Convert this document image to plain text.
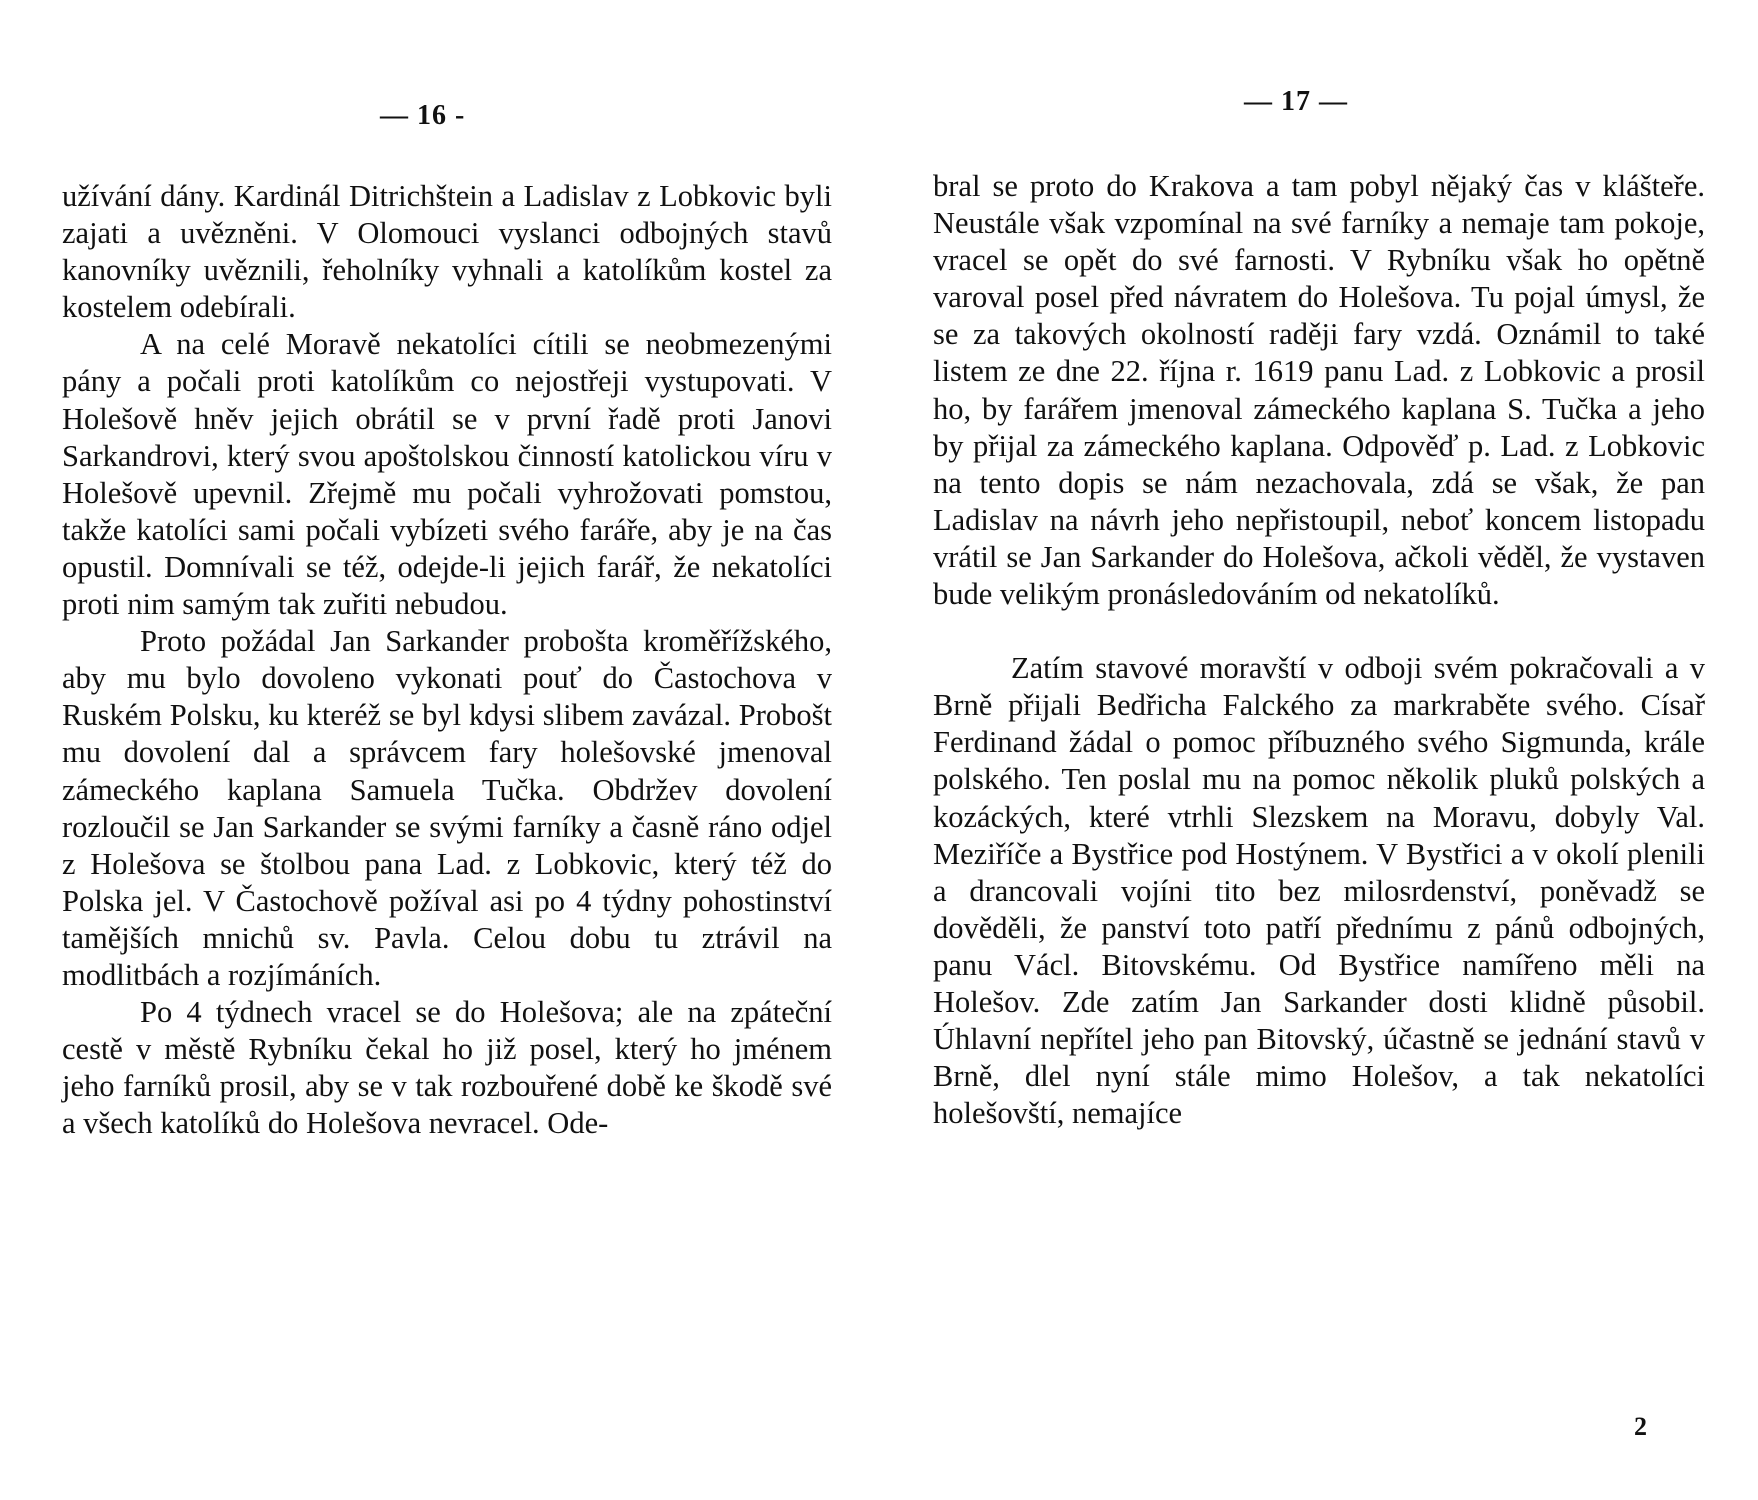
— 16 -

užívání dány. Kardinál Ditrichštein a Ladislav z Lobkovic byli zajati a uvězněni. V Olomouci vyslanci odbojných stavů kanovníky uvěznili, řeholníky vyhnali a katolíkům kostel za kostelem odebírali.

A na celé Moravě nekatolíci cítili se neobmezenými pány a počali proti katolíkům co nejostřeji vystupovati. V Holešově hněv jejich obrátil se v první řadě proti Janovi Sarkandrovi, který svou apoštolskou činností katolickou víru v Holešově upevnil. Zřejmě mu počali vyhrožovati pomstou, takže katolíci sami počali vybízeti svého faráře, aby je na čas opustil. Domnívali se též, odejde-li jejich farář, že nekatolíci proti nim samým tak zuřiti nebudou.

Proto požádal Jan Sarkander probošta kroměřížského, aby mu bylo dovoleno vykonati pouť do Častochova v Ruském Polsku, ku kteréž se byl kdysi slibem zavázal. Probošt mu dovolení dal a správcem fary holešovské jmenoval zámeckého kaplana Samuela Tučka. Obdržev dovolení rozloučil se Jan Sarkander se svými farníky a časně ráno odjel z Holešova se štolbou pana Lad. z Lobkovic, který též do Polska jel. V Častochově požíval asi po 4 týdny pohostinství tamějších mnichů sv. Pavla. Celou dobu tu ztrávil na modlitbách a rozjímáních.

Po 4 týdnech vracel se do Holešova; ale na zpáteční cestě v městě Rybníku čekal ho již posel, který ho jménem jeho farníků prosil, aby se v tak rozbouřené době ke škodě své a všech katolíků do Holešova nevracel. Ode-

— 17 —

bral se proto do Krakova a tam pobyl nějaký čas v klášteře. Neustále však vzpomínal na své farníky a nemaje tam pokoje, vracel se opět do své farnosti. V Rybníku však ho opětně varoval posel před návratem do Holešova. Tu pojal úmysl, že se za takových okolností raději fary vzdá. Oznámil to také listem ze dne 22. října r. 1619 panu Lad. z Lobkovic a prosil ho, by farářem jmenoval zámeckého kaplana S. Tučka a jeho by přijal za zámeckého kaplana. Odpověď p. Lad. z Lobkovic na tento dopis se nám nezachovala, zdá se však, že pan Ladislav na návrh jeho nepřistoupil, neboť koncem listopadu vrátil se Jan Sarkander do Holešova, ačkoli věděl, že vystaven bude velikým pronásledováním od nekatolíků.

Zatím stavové moravští v odboji svém pokračovali a v Brně přijali Bedřicha Falckého za markraběte svého. Císař Ferdinand žádal o pomoc příbuzného svého Sigmunda, krále polského. Ten poslal mu na pomoc několik pluků polských a kozáckých, které vtrhli Slezskem na Moravu, dobyly Val. Meziříče a Bystřice pod Hostýnem. V Bystřici a v okolí plenili a drancovali vojíni tito bez milosrdenství, poněvadž se dověděli, že panství toto patří přednímu z pánů odbojných, panu Václ. Bitovskému. Od Bystřice namířeno měli na Holešov. Zde zatím Jan Sarkander dosti klidně působil. Úhlavní nepřítel jeho pan Bitovský, účastně se jednání stavů v Brně, dlel nyní stále mimo Holešov, a tak nekatolíci holešovští, nemajíce

2
